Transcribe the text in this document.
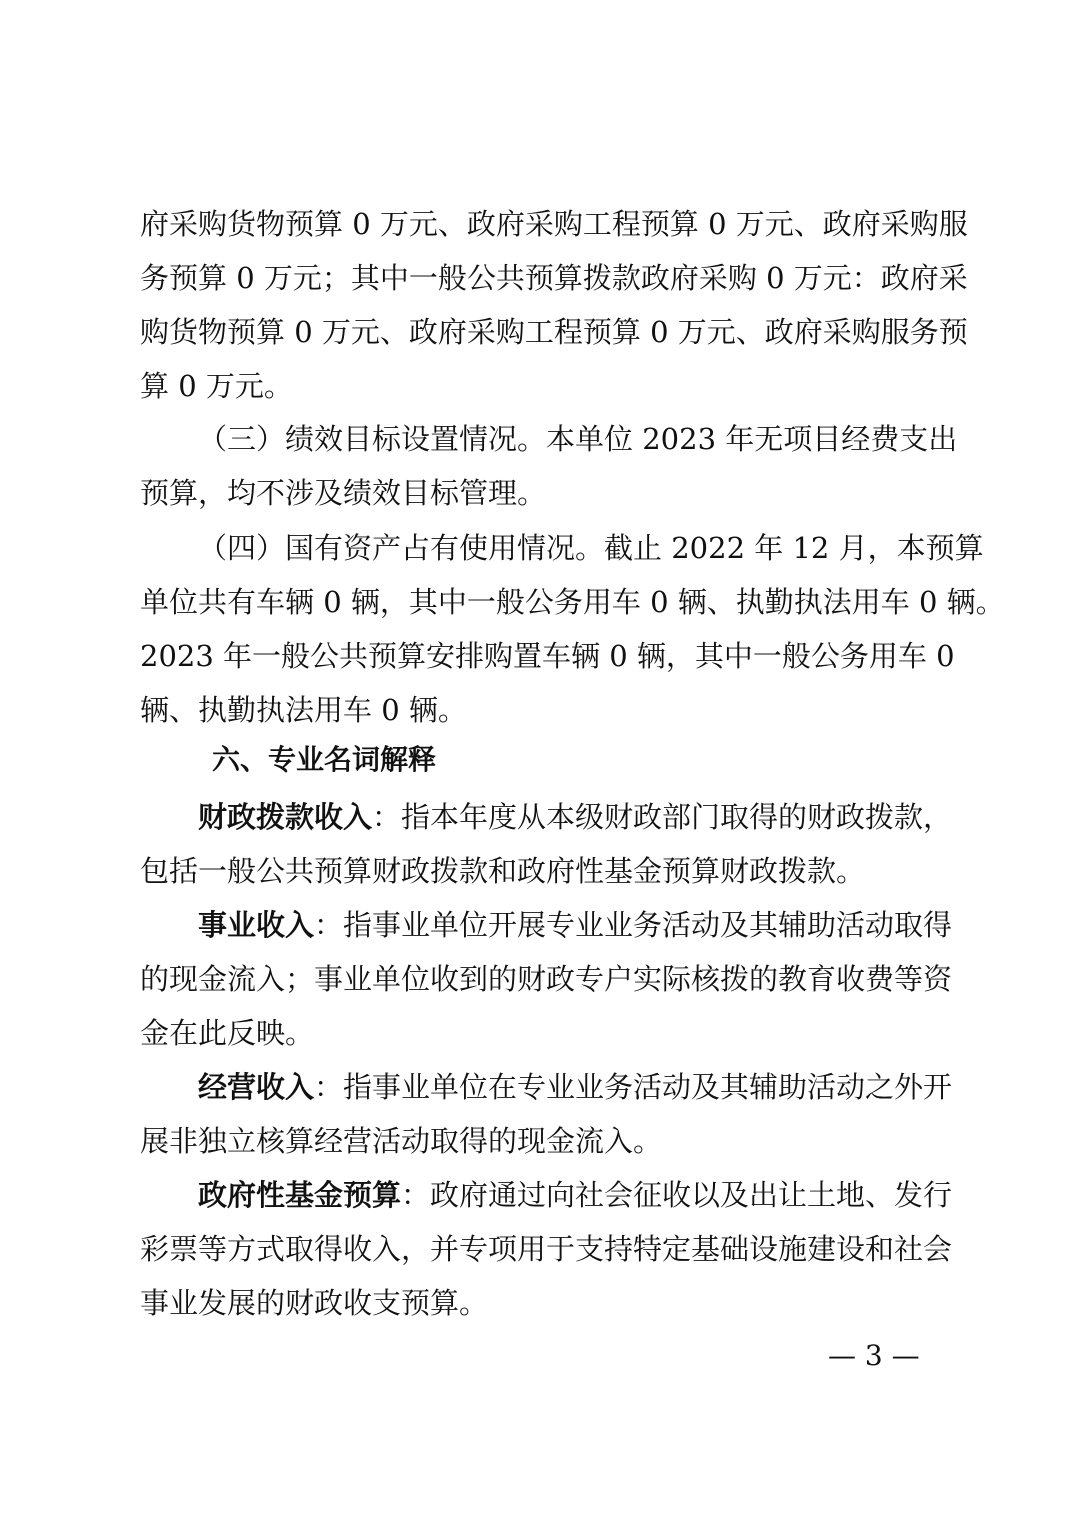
府采购货物预算 0 万元、政府采购工程预算 0 万元、政府采购服
务预算 0 万元；其中一般公共预算拨款政府采购 0 万元：政府采
购货物预算 0 万元、政府采购工程预算 0 万元、政府采购服务预
算 0 万元。
（三）绩效目标设置情况。本单位 2023 年无项目经费支出
预算，均不涉及绩效目标管理。
（四）国有资产占有使用情况。截止 2022 年 12 月，本预算
单位共有车辆 0 辆，其中一般公务用车 0 辆、执勤执法用车 0 辆。
2023 年一般公共预算安排购置车辆 0 辆，其中一般公务用车 0
辆、执勤执法用车 0 辆。
六、专业名词解释
财政拨款收入：指本年度从本级财政部门取得的财政拨款，
包括一般公共预算财政拨款和政府性基金预算财政拨款。
事业收入：指事业单位开展专业业务活动及其辅助活动取得
的现金流入；事业单位收到的财政专户实际核拨的教育收费等资
金在此反映。
经营收入：指事业单位在专业业务活动及其辅助活动之外开
展非独立核算经营活动取得的现金流入。
政府性基金预算：政府通过向社会征收以及出让土地、发行
彩票等方式取得收入，并专项用于支持特定基础设施建设和社会
事业发展的财政收支预算。
— 3 —
